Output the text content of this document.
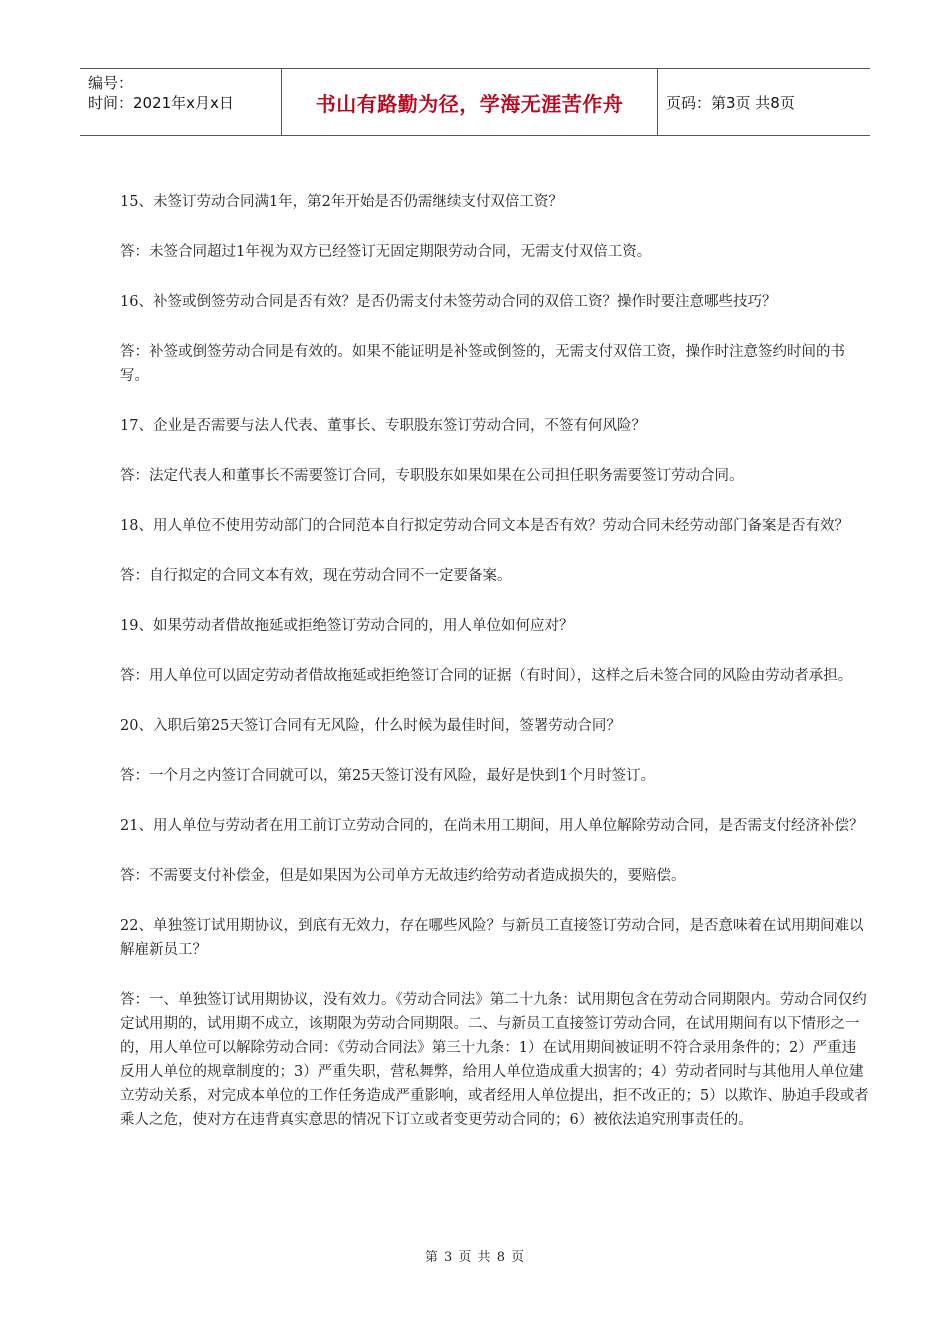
编号：
时间：2021年x月x日	书山有路勤为径，学海无涯苦作舟	页码：第3页 共8页

15、未签订劳动合同满1年，第2年开始是否仍需继续支付双倍工资？

答：未签合同超过1年视为双方已经签订无固定期限劳动合同，无需支付双倍工资。

16、补签或倒签劳动合同是否有效？是否仍需支付未签劳动合同的双倍工资？操作时要注意哪些技巧？

答：补签或倒签劳动合同是有效的。如果不能证明是补签或倒签的，无需支付双倍工资，操作时注意签约时间的书写。

17、企业是否需要与法人代表、董事长、专职股东签订劳动合同，不签有何风险？

答：法定代表人和董事长不需要签订合同，专职股东如果如果在公司担任职务需要签订劳动合同。

18、用人单位不使用劳动部门的合同范本自行拟定劳动合同文本是否有效？劳动合同未经劳动部门备案是否有效？

答：自行拟定的合同文本有效，现在劳动合同不一定要备案。

19、如果劳动者借故拖延或拒绝签订劳动合同的，用人单位如何应对？

答：用人单位可以固定劳动者借故拖延或拒绝签订合同的证据（有时间），这样之后未签合同的风险由劳动者承担。

20、入职后第25天签订合同有无风险，什么时候为最佳时间，签署劳动合同？

答：一个月之内签订合同就可以，第25天签订没有风险，最好是快到1个月时签订。

21、用人单位与劳动者在用工前订立劳动合同的，在尚未用工期间，用人单位解除劳动合同，是否需支付经济补偿？

答：不需要支付补偿金，但是如果因为公司单方无故违约给劳动者造成损失的，要赔偿。

22、单独签订试用期协议，到底有无效力，存在哪些风险？与新员工直接签订劳动合同，是否意味着在试用期间难以解雇新员工？

答：一、单独签订试用期协议，没有效力。《劳动合同法》第二十九条：试用期包含在劳动合同期限内。劳动合同仅约定试用期的，试用期不成立，该期限为劳动合同期限。二、与新员工直接签订劳动合同，在试用期间有以下情形之一的，用人单位可以解除劳动合同：《劳动合同法》第三十九条：1）在试用期间被证明不符合录用条件的；2）严重违反用人单位的规章制度的；3）严重失职，营私舞弊，给用人单位造成重大损害的；4）劳动者同时与其他用人单位建立劳动关系，对完成本单位的工作任务造成严重影响，或者经用人单位提出，拒不改正的；5）以欺诈、胁迫手段或者乘人之危，使对方在违背真实意思的情况下订立或者变更劳动合同的；6）被依法追究刑事责任的。

第 3 页 共 8 页
